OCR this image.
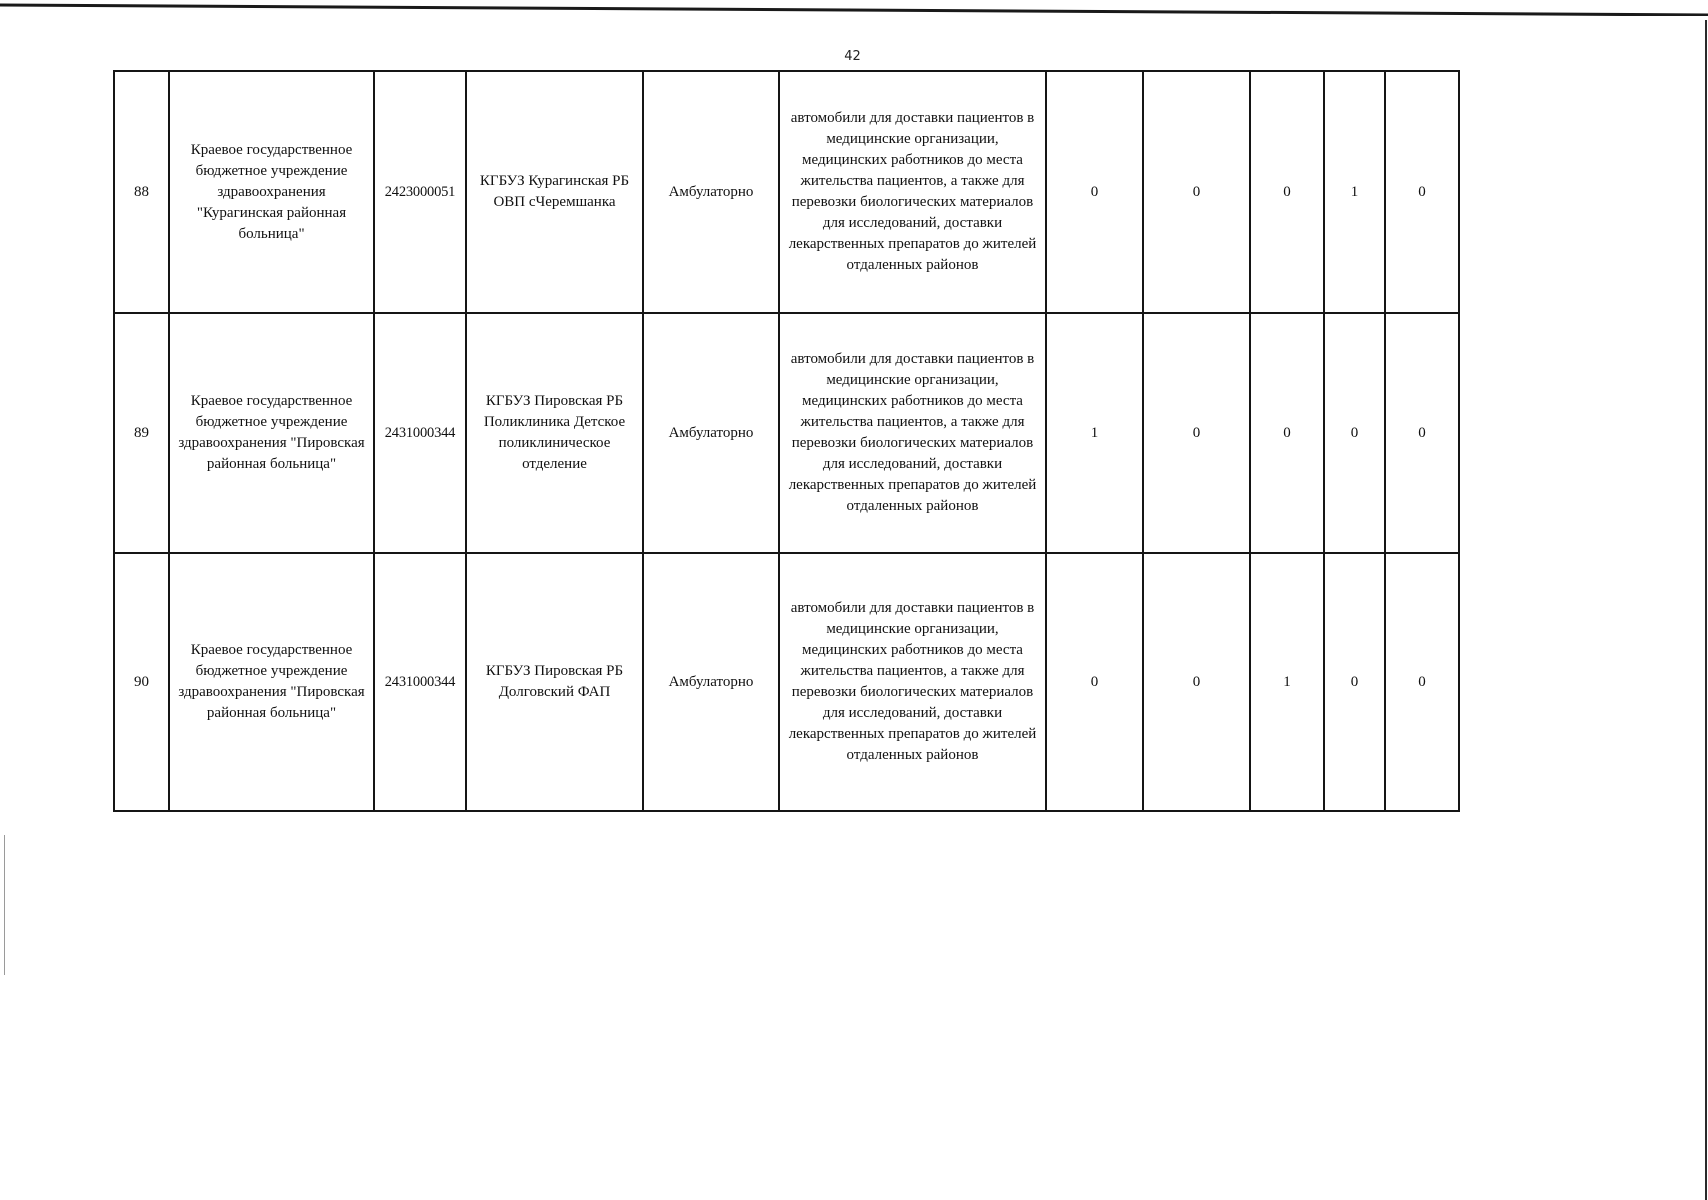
42
88	Краевое государственное бюджетное учреждение здравоохранения "Курагинская районная больница"	2423000051	КГБУЗ Курагинская РБ ОВП сЧеремшанка	Амбулаторно	автомобили для доставки пациентов в медицинские организации, медицинских работников до места жительства пациентов, а также для перевозки биологических материалов для исследований, доставки лекарственных препаратов до жителей отдаленных районов	0	0	0	1	0
89	Краевое государственное бюджетное учреждение здравоохранения "Пировская районная больница"	2431000344	КГБУЗ Пировская РБ Поликлиника Детское поликлиническое отделение	Амбулаторно	автомобили для доставки пациентов в медицинские организации, медицинских работников до места жительства пациентов, а также для перевозки биологических материалов для исследований, доставки лекарственных препаратов до жителей отдаленных районов	1	0	0	0	0
90	Краевое государственное бюджетное учреждение здравоохранения "Пировская районная больница"	2431000344	КГБУЗ Пировская РБ Долговский ФАП	Амбулаторно	автомобили для доставки пациентов в медицинские организации, медицинских работников до места жительства пациентов, а также для перевозки биологических материалов для исследований, доставки лекарственных препаратов до жителей отдаленных районов	0	0	1	0	0
